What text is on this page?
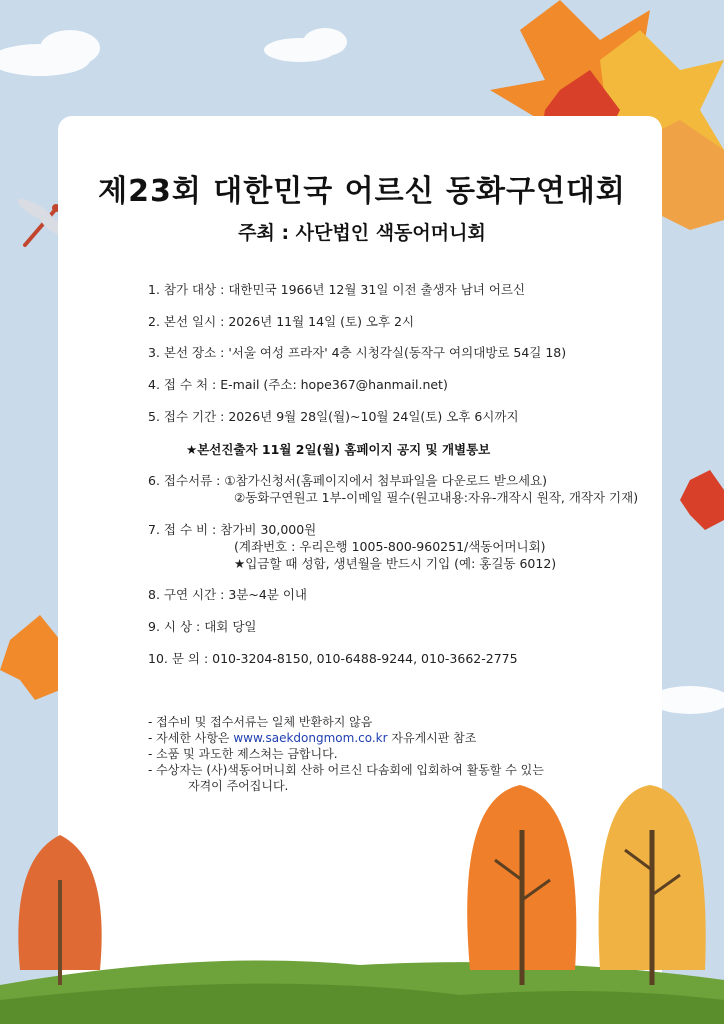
제23회 대한민국 어르신 동화구연대회
주최 : 사단법인 색동어머니회
1. 참가 대상 : 대한민국 1966년 12월 31일 이전 출생자 남녀 어르신
2. 본선 일시 : 2026년 11월 14일 (토) 오후 2시
3. 본선 장소 : '서울 여성 프라자' 4층 시청각실(동작구 여의대방로 54길 18)
4. 접 수 처 : E-mail (주소: hope367@hanmail.net)
5. 접수 기간 : 2026년 9월 28일(월)~10월 24일(토) 오후 6시까지
★본선진출자 11월 2일(월) 홈페이지 공지 및 개별통보
6. 접수서류 : ①참가신청서(홈페이지에서 첨부파일을 다운로드 받으세요)
②동화구연원고 1부-이메일 필수(원고내용:자유-개작시 원작, 개작자 기재)
7. 접 수 비 : 참가비 30,000원
(계좌번호 : 우리은행 1005-800-960251/색동어머니회)
★입금할 때 성함, 생년월을 반드시 기입 (예: 홍길동 6012)
8. 구연 시간 : 3분~4분 이내
9. 시 상 : 대회 당일
10. 문 의 : 010-3204-8150, 010-6488-9244, 010-3662-2775
- 접수비 및 접수서류는 일체 반환하지 않음
- 자세한 사항은 www.saekdongmom.co.kr 자유게시판 참조
- 소품 및 과도한 제스쳐는 금합니다.
- 수상자는 (사)색동어머니회 산하 어르신 다솜회에 입회하여 활동할 수 있는
자격이 주어집니다.
